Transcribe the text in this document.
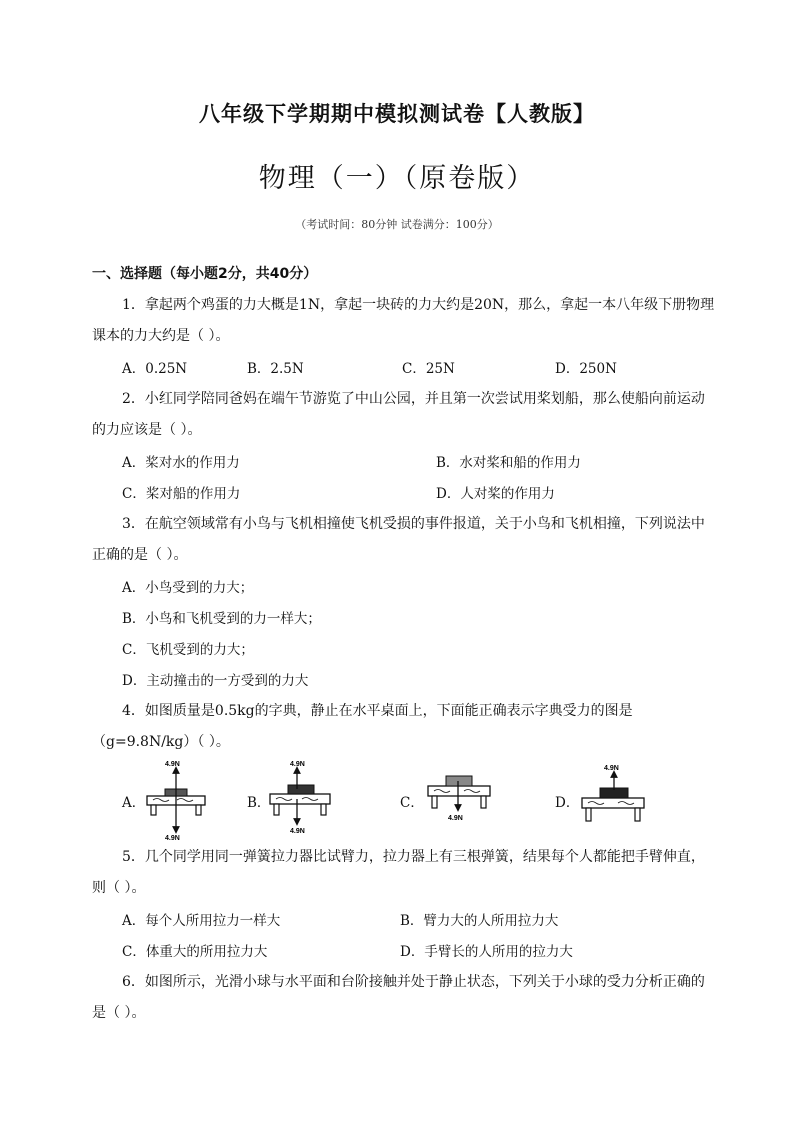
八年级下学期期中模拟测试卷【人教版】
物理（一）（原卷版）
（考试时间：80分钟 试卷满分：100分）
一、选择题（每小题2分，共40分）
1．拿起两个鸡蛋的力大概是1N，拿起一块砖的力大约是20N，那么，拿起一本八年级下册物理
课本的力大约是（ ）。
A．0.25N	B．2.5N	C．25N	D．250N
2．小红同学陪同爸妈在端午节游览了中山公园，并且第一次尝试用桨划船，那么使船向前运动
的力应该是（ ）。
A．桨对水的作用力	B．水对桨和船的作用力
C．桨对船的作用力	D．人对桨的作用力
3．在航空领域常有小鸟与飞机相撞使飞机受损的事件报道，关于小鸟和飞机相撞，下列说法中
正确的是（ ）。
A．小鸟受到的力大；
B．小鸟和飞机受到的力一样大；
C．飞机受到的力大；
D．主动撞击的一方受到的力大
4．如图质量是0.5kg的字典，静止在水平桌面上，下面能正确表示字典受力的图是
（g=9.8N/kg）（ ）。
A．	B．	C．	D．
4.9N
4.9N
4.9N
4.9N
4.9N
4.9N
5．几个同学用同一弹簧拉力器比试臂力，拉力器上有三根弹簧，结果每个人都能把手臂伸直，
则（ ）。
A．每个人所用拉力一样大	B．臂力大的人所用拉力大
C．体重大的所用拉力大	D．手臂长的人所用的拉力大
6．如图所示，光滑小球与水平面和台阶接触并处于静止状态，下列关于小球的受力分析正确的
是（ ）。
